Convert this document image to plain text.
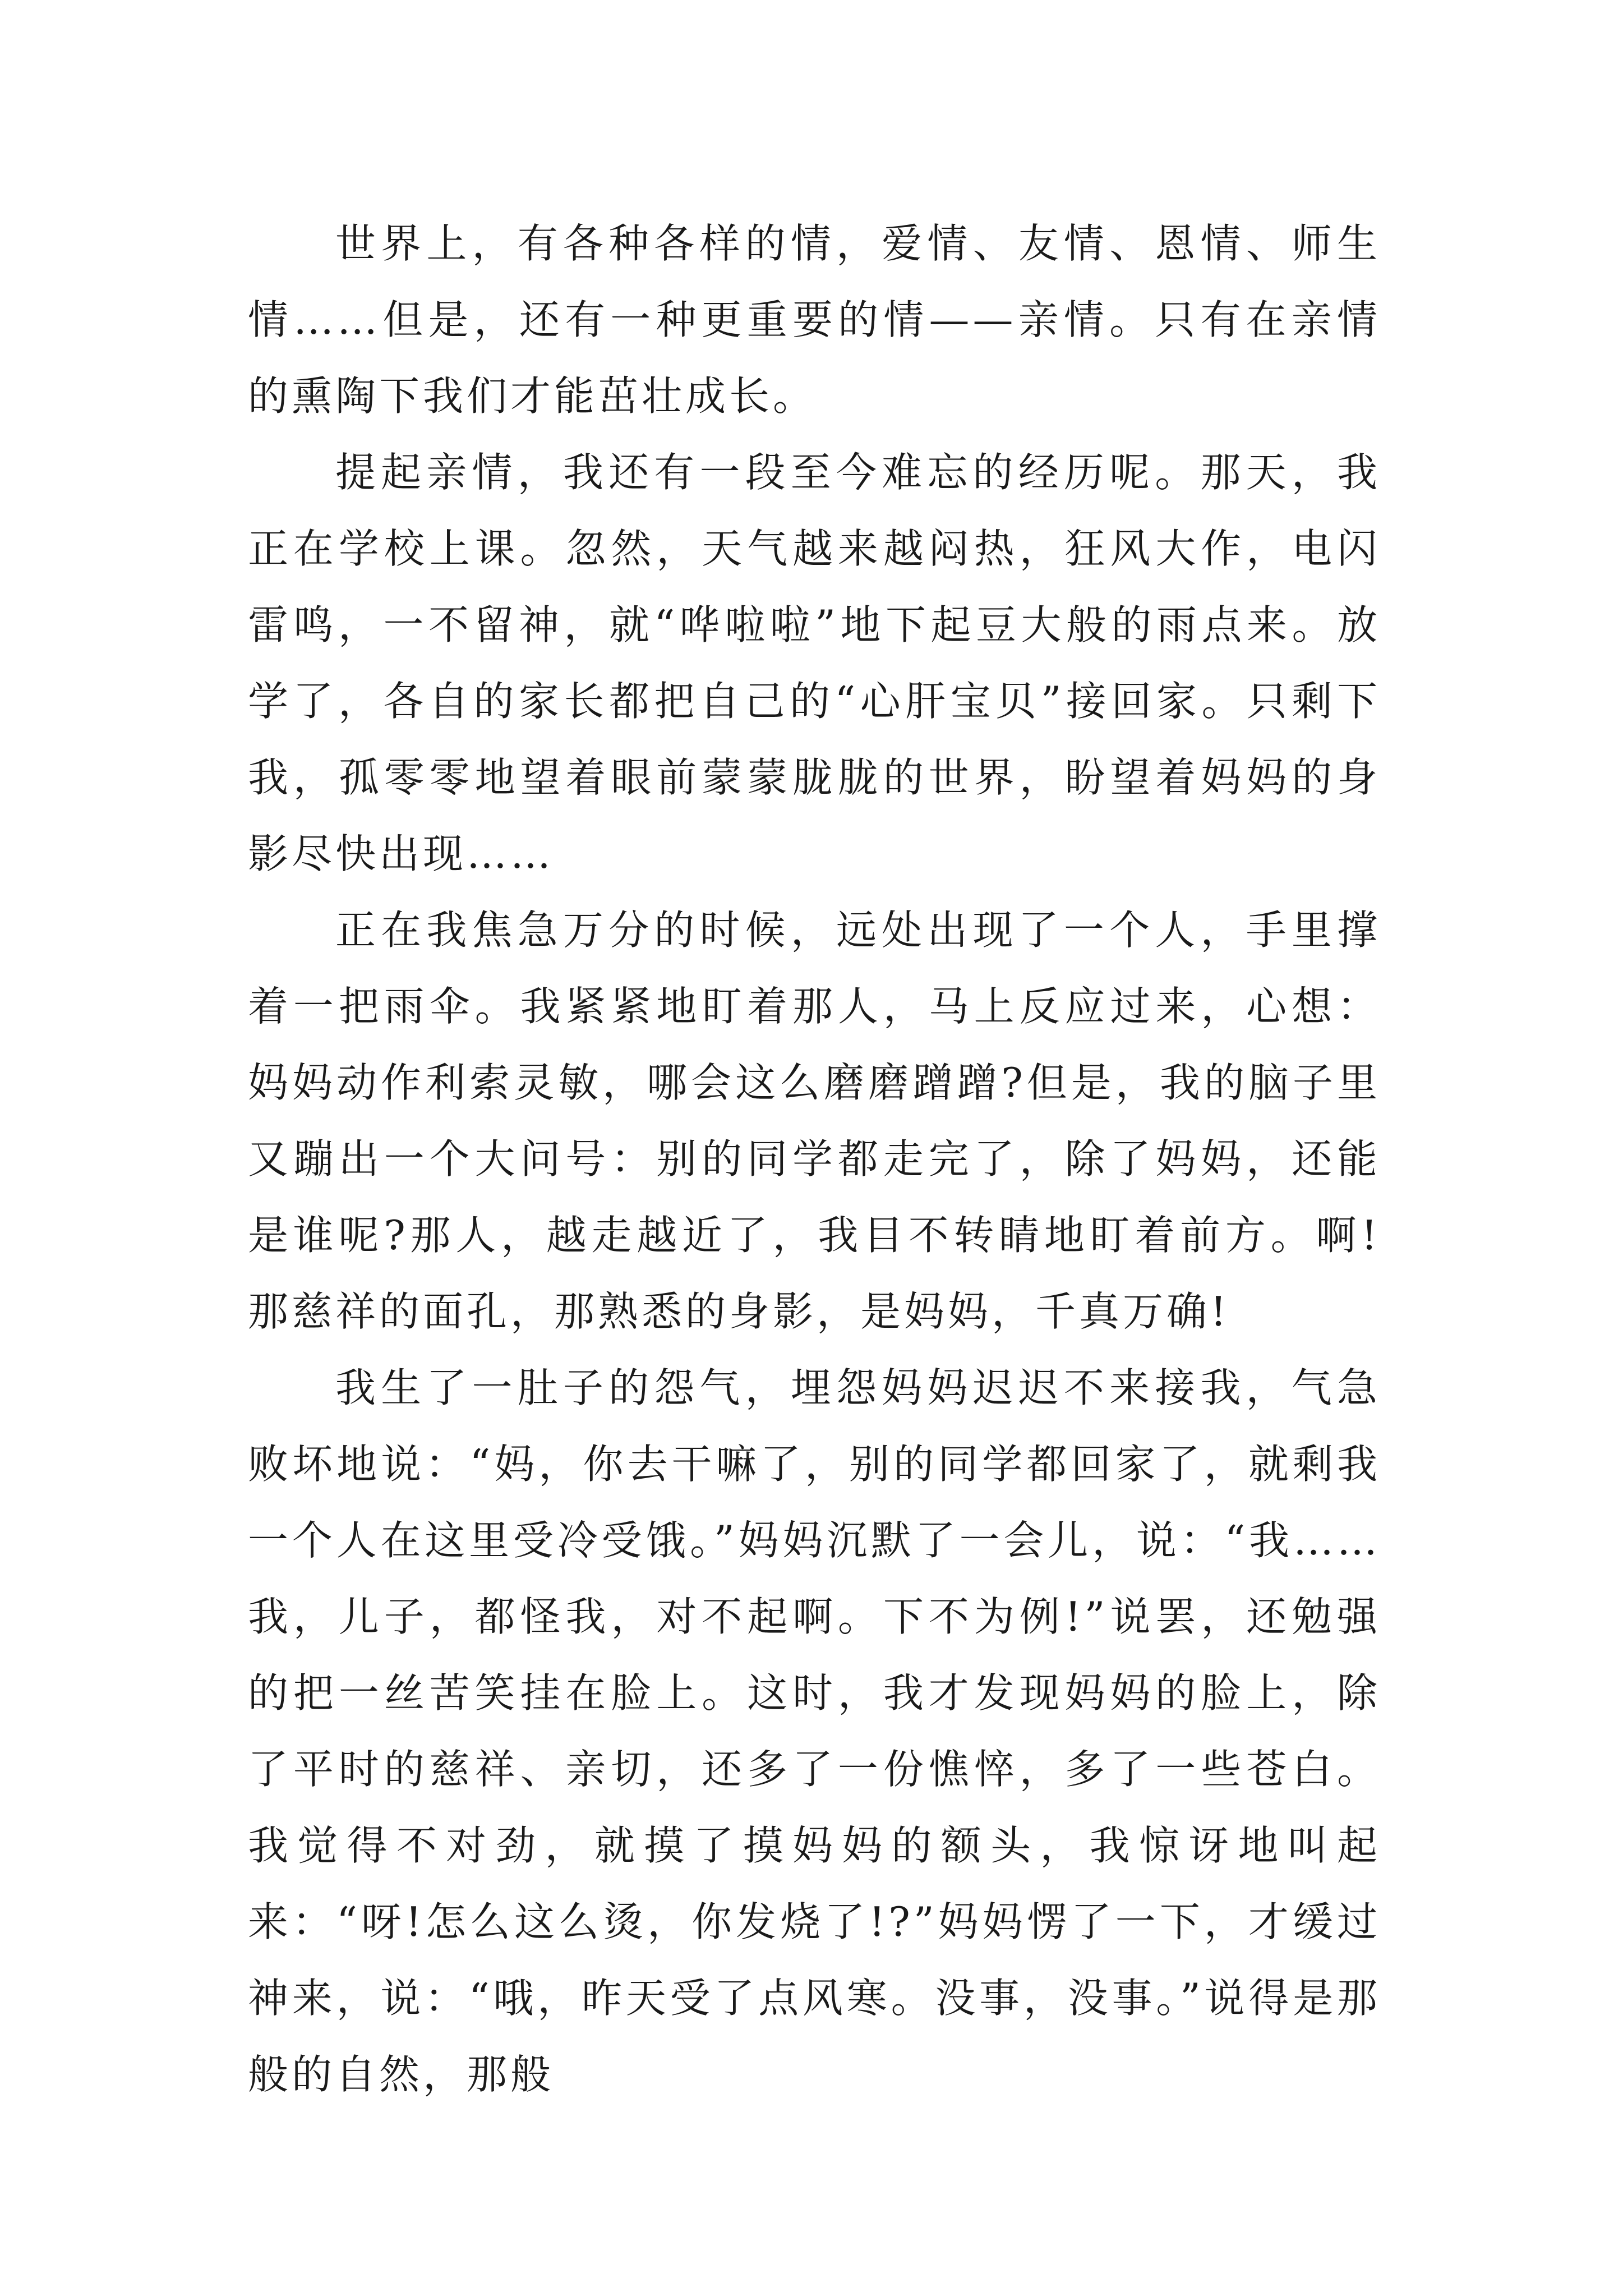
世界上，有各种各样的情，爱情、友情、恩情、师生情……但是，还有一种更重要的情——亲情。只有在亲情的熏陶下我们才能茁壮成长。

提起亲情，我还有一段至今难忘的经历呢。那天，我正在学校上课。忽然，天气越来越闷热，狂风大作，电闪雷鸣，一不留神，就“哗啦啦”地下起豆大般的雨点来。放学了，各自的家长都把自己的“心肝宝贝”接回家。只剩下我，孤零零地望着眼前蒙蒙胧胧的世界，盼望着妈妈的身影尽快出现……

正在我焦急万分的时候，远处出现了一个人，手里撑着一把雨伞。我紧紧地盯着那人，马上反应过来，心想：妈妈动作利索灵敏，哪会这么磨磨蹭蹭?但是，我的脑子里又蹦出一个大问号：别的同学都走完了，除了妈妈，还能是谁呢?那人，越走越近了，我目不转睛地盯着前方。啊!那慈祥的面孔，那熟悉的身影，是妈妈，千真万确!

我生了一肚子的怨气，埋怨妈妈迟迟不来接我，气急败坏地说：“妈，你去干嘛了，别的同学都回家了，就剩我一个人在这里受冷受饿。”妈妈沉默了一会儿，说：“我……我，儿子，都怪我，对不起啊。下不为例!”说罢，还勉强的把一丝苦笑挂在脸上。这时，我才发现妈妈的脸上，除了平时的慈祥、亲切，还多了一份憔悴，多了一些苍白。我觉得不对劲，就摸了摸妈妈的额头，我惊讶地叫起来：“呀!怎么这么烫，你发烧了!?”妈妈愣了一下，才缓过神来，说：“哦，昨天受了点风寒。没事，没事。”说得是那般的自然，那般
